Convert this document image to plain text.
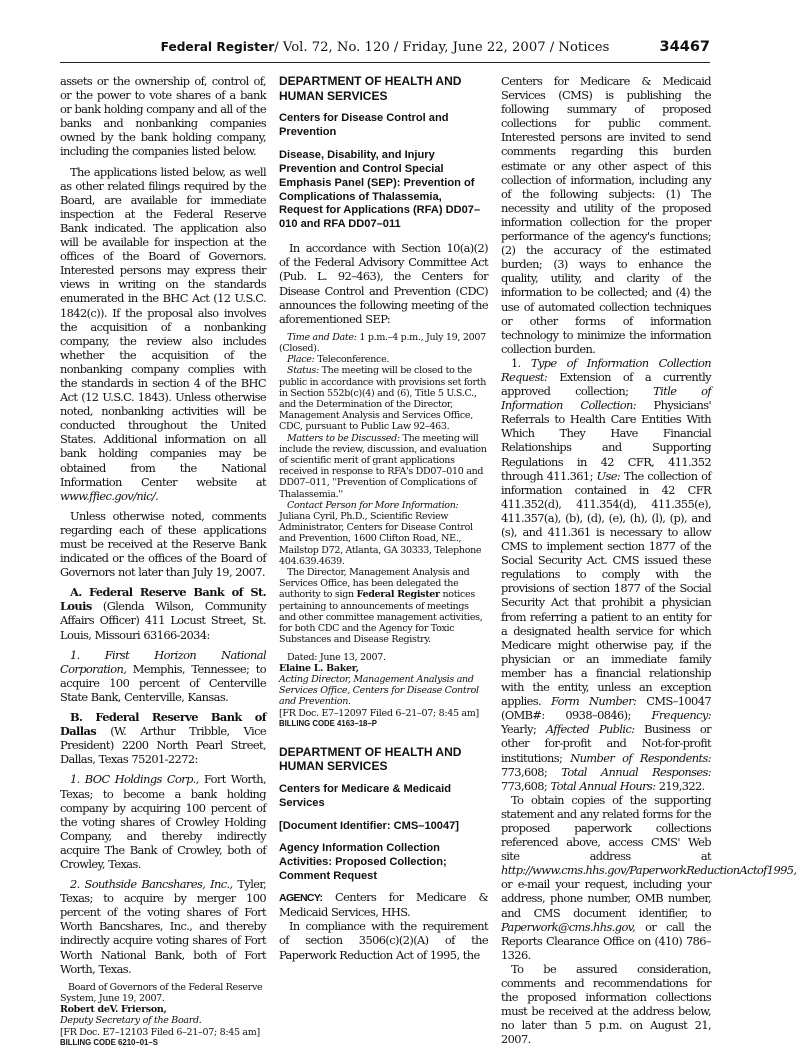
Federal Register/ Vol. 72, No. 120 / Friday, June 22, 2007 / Notices	34467

assets or the ownership of, control of, or the power to vote shares of a bank or bank holding company and all of the banks and nonbanking companies owned by the bank holding company, including the companies listed below.

The applications listed below, as well as other related filings required by the Board, are available for immediate inspection at the Federal Reserve Bank indicated. The application also will be available for inspection at the offices of the Board of Governors. Interested persons may express their views in writing on the standards enumerated in the BHC Act (12 U.S.C. 1842(c)). If the proposal also involves the acquisition of a nonbanking company, the review also includes whether the acquisition of the nonbanking company complies with the standards in section 4 of the BHC Act (12 U.S.C. 1843). Unless otherwise noted, nonbanking activities will be conducted throughout the United States. Additional information on all bank holding companies may be obtained from the National Information Center website at www.ffiec.gov/nic/.

Unless otherwise noted, comments regarding each of these applications must be received at the Reserve Bank indicated or the offices of the Board of Governors not later than July 19, 2007.

A. Federal Reserve Bank of St. Louis (Glenda Wilson, Community Affairs Officer) 411 Locust Street, St. Louis, Missouri 63166-2034:

1. First Horizon National Corporation, Memphis, Tennessee; to acquire 100 percent of Centerville State Bank, Centerville, Kansas.

B. Federal Reserve Bank of Dallas (W. Arthur Tribble, Vice President) 2200 North Pearl Street, Dallas, Texas 75201-2272:

1. BOC Holdings Corp., Fort Worth, Texas; to become a bank holding company by acquiring 100 percent of the voting shares of Crowley Holding Company, and thereby indirectly acquire The Bank of Crowley, both of Crowley, Texas.

2. Southside Bancshares, Inc., Tyler, Texas; to acquire by merger 100 percent of the voting shares of Fort Worth Bancshares, Inc., and thereby indirectly acquire voting shares of Fort Worth National Bank, both of Fort Worth, Texas.

Board of Governors of the Federal Reserve System, June 19, 2007.

Robert deV. Frierson,

Deputy Secretary of the Board.

[FR Doc. E7–12103 Filed 6–21–07; 8:45 am]

BILLING CODE 6210–01–S

DEPARTMENT OF HEALTH AND HUMAN SERVICES

Centers for Disease Control and Prevention

Disease, Disability, and Injury Prevention and Control Special Emphasis Panel (SEP): Prevention of Complications of Thalassemia, Request for Applications (RFA) DD07–010 and RFA DD07–011

In accordance with Section 10(a)(2) of the Federal Advisory Committee Act (Pub. L. 92–463), the Centers for Disease Control and Prevention (CDC) announces the following meeting of the aforementioned SEP:

Time and Date: 1 p.m.–4 p.m., July 19, 2007 (Closed).

Place: Teleconference.

Status: The meeting will be closed to the public in accordance with provisions set forth in Section 552b(c)(4) and (6), Title 5 U.S.C., and the Determination of the Director, Management Analysis and Services Office, CDC, pursuant to Public Law 92–463.

Matters to be Discussed: The meeting will include the review, discussion, and evaluation of scientific merit of grant applications received in response to RFA's DD07–010 and DD07–011, ''Prevention of Complications of Thalassemia.''

Contact Person for More Information: Juliana Cyril, Ph.D., Scientific Review Administrator, Centers for Disease Control and Prevention, 1600 Clifton Road, NE., Mailstop D72, Atlanta, GA 30333, Telephone 404.639.4639.

The Director, Management Analysis and Services Office, has been delegated the authority to sign Federal Register notices pertaining to announcements of meetings and other committee management activities, for both CDC and the Agency for Toxic Substances and Disease Registry.

Dated: June 13, 2007.

Elaine L. Baker,

Acting Director, Management Analysis and Services Office, Centers for Disease Control and Prevention.

[FR Doc. E7–12097 Filed 6–21–07; 8:45 am]

BILLING CODE 4163–18–P

DEPARTMENT OF HEALTH AND HUMAN SERVICES

Centers for Medicare & Medicaid Services

[Document Identifier: CMS–10047]

Agency Information Collection Activities: Proposed Collection; Comment Request

AGENCY: Centers for Medicare & Medicaid Services, HHS.

In compliance with the requirement of section 3506(c)(2)(A) of the Paperwork Reduction Act of 1995, the

Centers for Medicare & Medicaid Services (CMS) is publishing the following summary of proposed collections for public comment. Interested persons are invited to send comments regarding this burden estimate or any other aspect of this collection of information, including any of the following subjects: (1) The necessity and utility of the proposed information collection for the proper performance of the agency's functions; (2) the accuracy of the estimated burden; (3) ways to enhance the quality, utility, and clarity of the information to be collected; and (4) the use of automated collection techniques or other forms of information technology to minimize the information collection burden.

1. Type of Information Collection Request: Extension of a currently approved collection; Title of Information Collection: Physicians' Referrals to Health Care Entities With Which They Have Financial Relationships and Supporting Regulations in 42 CFR, 411.352 through 411.361; Use: The collection of information contained in 42 CFR 411.352(d), 411.354(d), 411.355(e), 411.357(a), (b), (d), (e), (h), (l), (p), and (s), and 411.361 is necessary to allow CMS to implement section 1877 of the Social Security Act. CMS issued these regulations to comply with the provisions of section 1877 of the Social Security Act that prohibit a physician from referring a patient to an entity for a designated health service for which Medicare might otherwise pay, if the physician or an immediate family member has a financial relationship with the entity, unless an exception applies. Form Number: CMS–10047 (OMB#: 0938–0846); Frequency: Yearly; Affected Public: Business or other for-profit and Not-for-profit institutions; Number of Respondents: 773,608; Total Annual Responses: 773,608; Total Annual Hours: 219,322.

To obtain copies of the supporting statement and any related forms for the proposed paperwork collections referenced above, access CMS' Web site address at http://www.cms.hhs.gov/PaperworkReductionActof1995, or e-mail your request, including your address, phone number, OMB number, and CMS document identifier, to Paperwork@cms.hhs.gov, or call the Reports Clearance Office on (410) 786–1326.

To be assured consideration, comments and recommendations for the proposed information collections must be received at the address below, no later than 5 p.m. on August 21, 2007.
